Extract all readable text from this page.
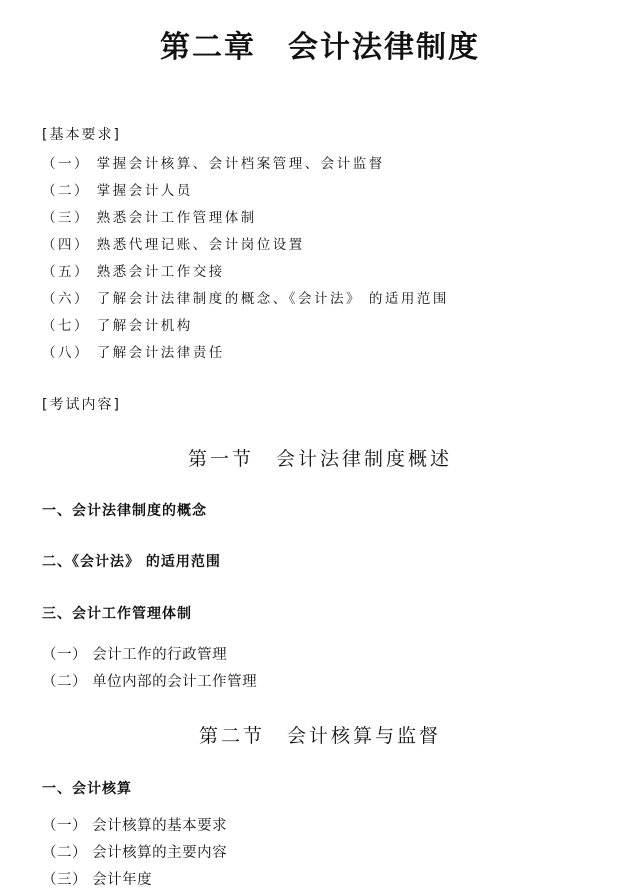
第二章　会计法律制度
[基本要求]
（一） 掌握会计核算、会计档案管理、会计监督
（二） 掌握会计人员
（三） 熟悉会计工作管理体制
（四） 熟悉代理记账、会计岗位设置
（五） 熟悉会计工作交接
（六） 了解会计法律制度的概念、《会计法》 的适用范围
（七） 了解会计机构
（八） 了解会计法律责任
[考试内容]
第一节　会计法律制度概述
一、会计法律制度的概念
二、《会计法》 的适用范围
三、会计工作管理体制
（一） 会计工作的行政管理
（二） 单位内部的会计工作管理
第二节　会计核算与监督
一、会计核算
（一） 会计核算的基本要求
（二） 会计核算的主要内容
（三） 会计年度
